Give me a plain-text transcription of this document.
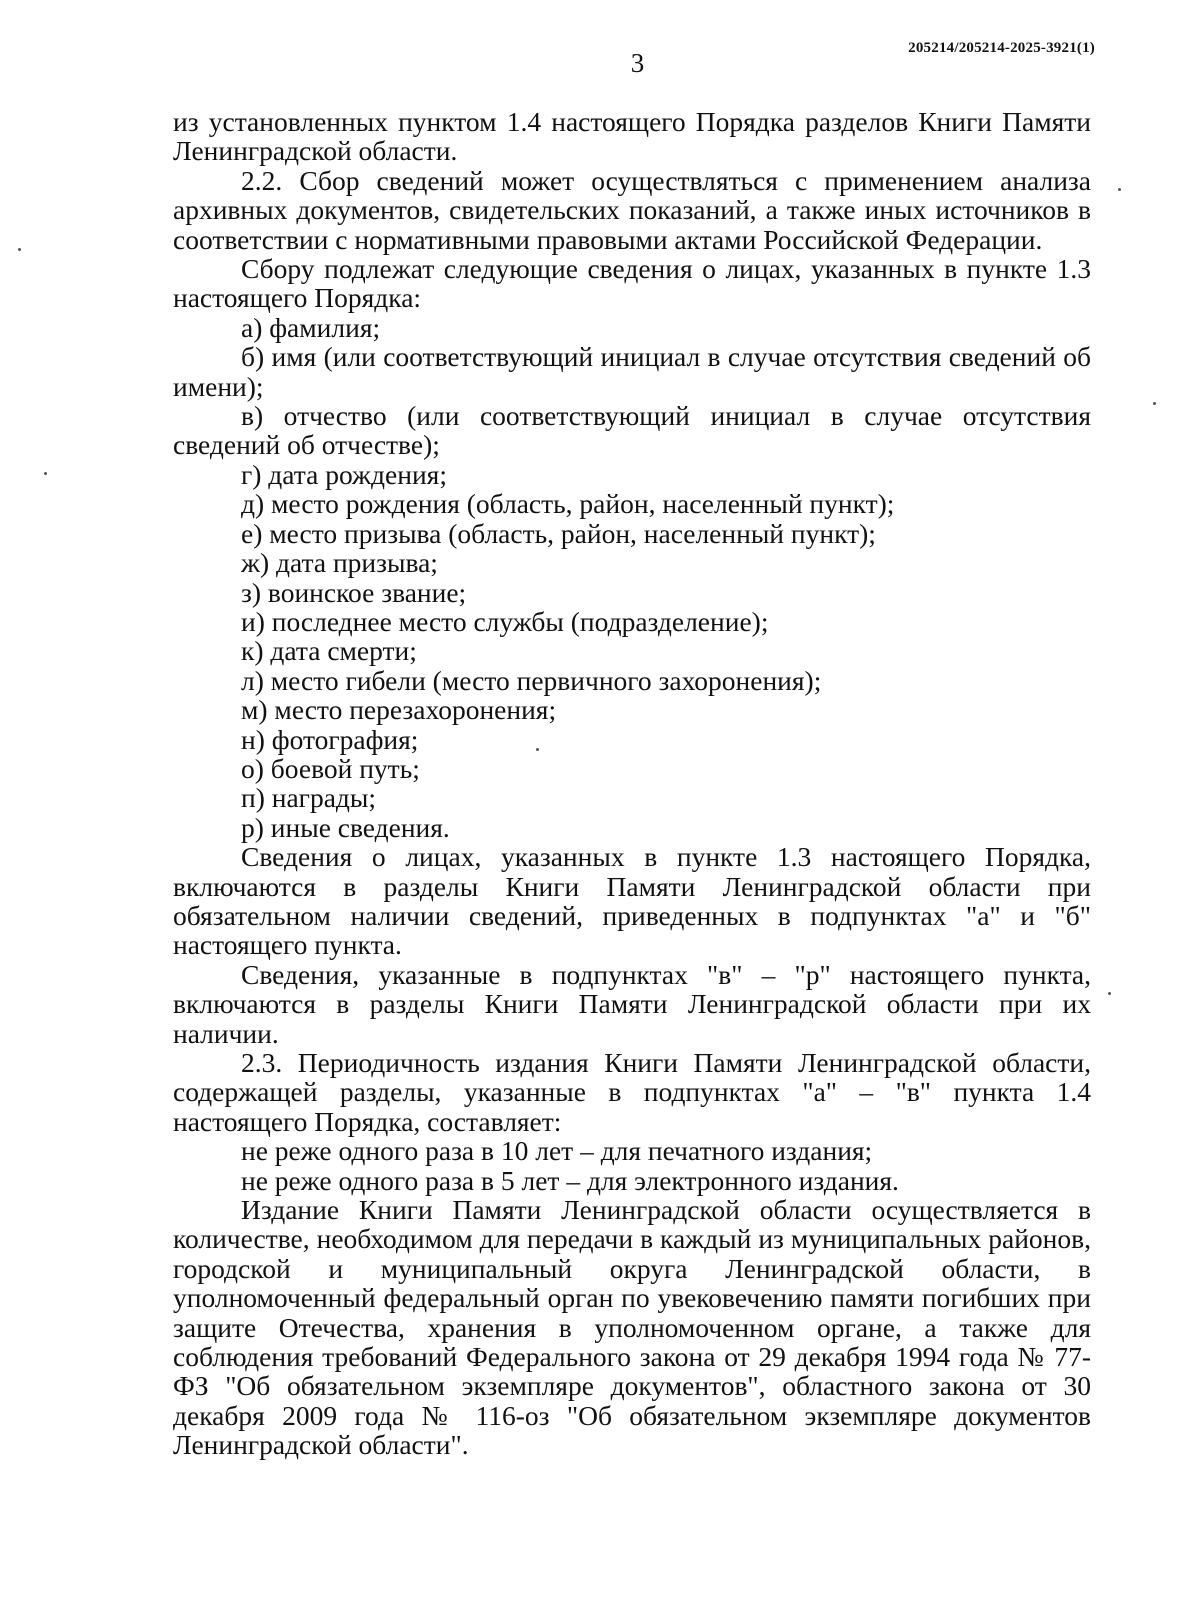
205214/205214-2025-3921(1)
3

из установленных пунктом 1.4 настоящего Порядка разделов Книги Памяти Ленинградской области.

2.2. Сбор сведений может осуществляться с применением анализа архивных документов, свидетельских показаний, а также иных источников в соответствии с нормативными правовыми актами Российской Федерации.

Сбору подлежат следующие сведения о лицах, указанных в пункте 1.3 настоящего Порядка:

а) фамилия;

б) имя (или соответствующий инициал в случае отсутствия сведений об имени);

в) отчество (или соответствующий инициал в случае отсутствия сведений об отчестве);

г) дата рождения;

д) место рождения (область, район, населенный пункт);

е) место призыва (область, район, населенный пункт);

ж) дата призыва;

з) воинское звание;

и) последнее место службы (подразделение);

к) дата смерти;

л) место гибели (место первичного захоронения);

м) место перезахоронения;

н) фотография;

о) боевой путь;

п) награды;

р) иные сведения.

Сведения о лицах, указанных в пункте 1.3 настоящего Порядка, включаются в разделы Книги Памяти Ленинградской области при обязательном наличии сведений, приведенных в подпунктах "а" и "б" настоящего пункта.

Сведения, указанные в подпунктах "в" – "р" настоящего пункта, включаются в разделы Книги Памяти Ленинградской области при их наличии.

2.3. Периодичность издания Книги Памяти Ленинградской области, содержащей разделы, указанные в подпунктах "а" – "в" пункта 1.4 настоящего Порядка, составляет:

не реже одного раза в 10 лет – для печатного издания;

не реже одного раза в 5 лет – для электронного издания.

Издание Книги Памяти Ленинградской области осуществляется в количестве, необходимом для передачи в каждый из муниципальных районов, городской и муниципальный округа Ленинградской области, в уполномоченный федеральный орган по увековечению памяти погибших при защите Отечества, хранения в уполномоченном органе, а также для соблюдения требований Федерального закона от 29 декабря 1994 года № 77-ФЗ "Об обязательном экземпляре документов", областного закона от 30 декабря 2009 года № 116-оз "Об обязательном экземпляре документов Ленинградской области".
